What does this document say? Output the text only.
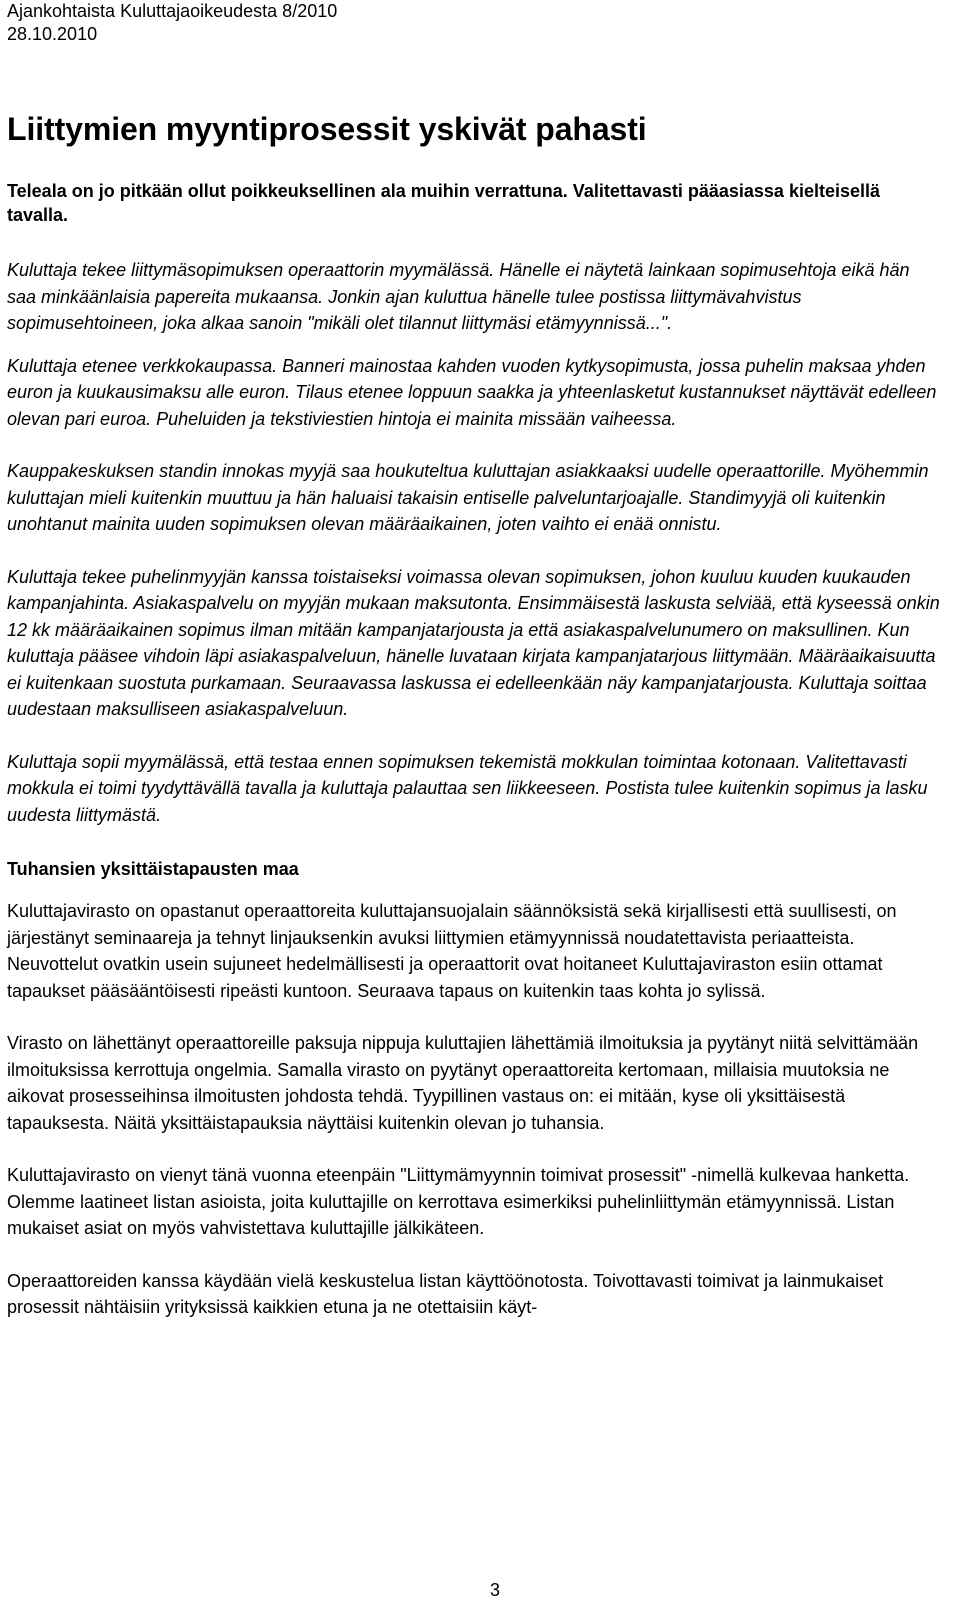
Ajankohtaista Kuluttajaoikeudesta 8/2010
28.10.2010
Liittymien myyntiprosessit yskivät pahasti

Teleala on jo pitkään ollut poikkeuksellinen ala muihin verrattuna. Valitettavasti pääasiassa kielteisellä tavalla.

Kuluttaja tekee liittymäsopimuksen operaattorin myymälässä. Hänelle ei näytetä lainkaan sopimusehtoja eikä hän saa minkäänlaisia papereita mukaansa. Jonkin ajan kuluttua hänelle tulee postissa liittymävahvistus sopimusehtoineen, joka alkaa sanoin "mikäli olet tilannut liittymäsi etämyynnissä...".

Kuluttaja etenee verkkokaupassa. Banneri mainostaa kahden vuoden kytkysopimusta, jossa puhelin maksaa yhden euron ja kuukausimaksu alle euron. Tilaus etenee loppuun saakka ja yhteenlasketut kustannukset näyttävät edelleen olevan pari euroa. Puheluiden ja tekstiviestien hintoja ei mainita missään vaiheessa.

Kauppakeskuksen standin innokas myyjä saa houkuteltua kuluttajan asiakkaaksi uudelle operaattorille. Myöhemmin kuluttajan mieli kuitenkin muuttuu ja hän haluaisi takaisin entiselle palveluntarjoajalle. Standimyyjä oli kuitenkin unohtanut mainita uuden sopimuksen olevan määräaikainen, joten vaihto ei enää onnistu.

Kuluttaja tekee puhelinmyyjän kanssa toistaiseksi voimassa olevan sopimuksen, johon kuuluu kuuden kuukauden kampanjahinta. Asiakaspalvelu on myyjän mukaan maksutonta. Ensimmäisestä laskusta selviää, että kyseessä onkin 12 kk määräaikainen sopimus ilman mitään kampanjatarjousta ja että asiakaspalvelunumero on maksullinen. Kun kuluttaja pääsee vihdoin läpi asiakaspalveluun, hänelle luvataan kirjata kampanjatarjous liittymään. Määräaikaisuutta ei kuitenkaan suostuta purkamaan. Seuraavassa laskussa ei edelleenkään näy kampanjatarjousta. Kuluttaja soittaa uudestaan maksulliseen asiakaspalveluun.

Kuluttaja sopii myymälässä, että testaa ennen sopimuksen tekemistä mokkulan toimintaa kotonaan. Valitettavasti mokkula ei toimi tyydyttävällä tavalla ja kuluttaja palauttaa sen liikkeeseen. Postista tulee kuitenkin sopimus ja lasku uudesta liittymästä.

Tuhansien yksittäistapausten maa

Kuluttajavirasto on opastanut operaattoreita kuluttajansuojalain säännöksistä sekä kirjallisesti että suullisesti, on järjestänyt seminaareja ja tehnyt linjauksenkin avuksi liittymien etämyynnissä noudatettavista periaatteista. Neuvottelut ovatkin usein sujuneet hedelmällisesti ja operaattorit ovat hoitaneet Kuluttajaviraston esiin ottamat tapaukset pääsääntöisesti ripeästi kuntoon. Seuraava tapaus on kuitenkin taas kohta jo sylissä.

Virasto on lähettänyt operaattoreille paksuja nippuja kuluttajien lähettämiä ilmoituksia ja pyytänyt niitä selvittämään ilmoituksissa kerrottuja ongelmia. Samalla virasto on pyytänyt operaattoreita kertomaan, millaisia muutoksia ne aikovat prosesseihinsa ilmoitusten johdosta tehdä. Tyypillinen vastaus on: ei mitään, kyse oli yksittäisestä tapauksesta. Näitä yksittäistapauksia näyttäisi kuitenkin olevan jo tuhansia.

Kuluttajavirasto on vienyt tänä vuonna eteenpäin "Liittymämyynnin toimivat prosessit" -nimellä kulkevaa hanketta. Olemme laatineet listan asioista, joita kuluttajille on kerrottava esimerkiksi puhelinliittymän etämyynnissä. Listan mukaiset asiat on myös vahvistettava kuluttajille jälkikäteen.

Operaattoreiden kanssa käydään vielä keskustelua listan käyttöönotosta. Toivottavasti toimivat ja lainmukaiset prosessit nähtäisiin yrityksissä kaikkien etuna ja ne otettaisiin käyt-

3
